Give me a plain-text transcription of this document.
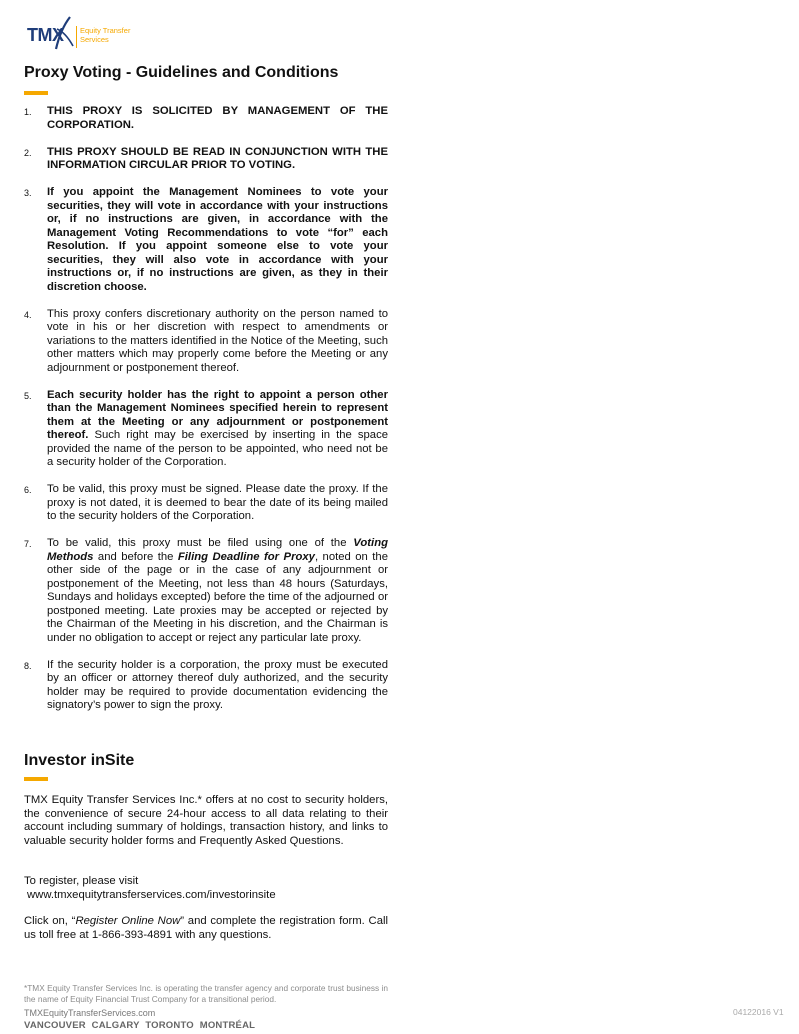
TMX Equity Transfer
Services
Proxy Voting - Guidelines and Conditions
1. THIS PROXY IS SOLICITED BY MANAGEMENT OF THE CORPORATION.
2. THIS PROXY SHOULD BE READ IN CONJUNCTION WITH THE INFORMATION CIRCULAR PRIOR TO VOTING.
3. If you appoint the Management Nominees to vote your securities, they will vote in accordance with your instructions or, if no instructions are given, in accordance with the Management Voting Recommendations to vote “for” each Resolution. If you appoint someone else to vote your securities, they will also vote in accordance with your instructions or, if no instructions are given, as they in their discretion choose.
4. This proxy confers discretionary authority on the person named to vote in his or her discretion with respect to amendments or variations to the matters identified in the Notice of the Meeting, such other matters which may properly come before the Meeting or any adjournment or postponement thereof.
5. Each security holder has the right to appoint a person other than the Management Nominees specified herein to represent them at the Meeting or any adjournment or postponement thereof. Such right may be exercised by inserting in the space provided the name of the person to be appointed, who need not be a security holder of the Corporation.
6. To be valid, this proxy must be signed. Please date the proxy. If the proxy is not dated, it is deemed to bear the date of its being mailed to the security holders of the Corporation.
7. To be valid, this proxy must be filed using one of the Voting Methods and before the Filing Deadline for Proxy, noted on the other side of the page or in the case of any adjournment or postponement of the Meeting, not less than 48 hours (Saturdays, Sundays and holidays excepted) before the time of the adjourned or postponed meeting. Late proxies may be accepted or rejected by the Chairman of the Meeting in his discretion, and the Chairman is under no obligation to accept or reject any particular late proxy.
8. If the security holder is a corporation, the proxy must be executed by an officer or attorney thereof duly authorized, and the security holder may be required to provide documentation evidencing the signatory’s power to sign the proxy.
Investor inSite

TMX Equity Transfer Services Inc.* offers at no cost to security holders, the convenience of secure 24-hour access to all data relating to their account including summary of holdings, transaction history, and links to valuable security holder forms and Frequently Asked Questions.

To register, please visit
www.tmxequitytransferservices.com/investorinsite

Click on, “Register Online Now” and complete the registration form. Call us toll free at 1-866-393-4891 with any questions.

*TMX Equity Transfer Services Inc. is operating the transfer agency and corporate trust business in the name of Equity Financial Trust Company for a transitional period.

TMXEquityTransferServices.com
VANCOUVER CALGARY TORONTO MONTRÉAL
04122016 V1
